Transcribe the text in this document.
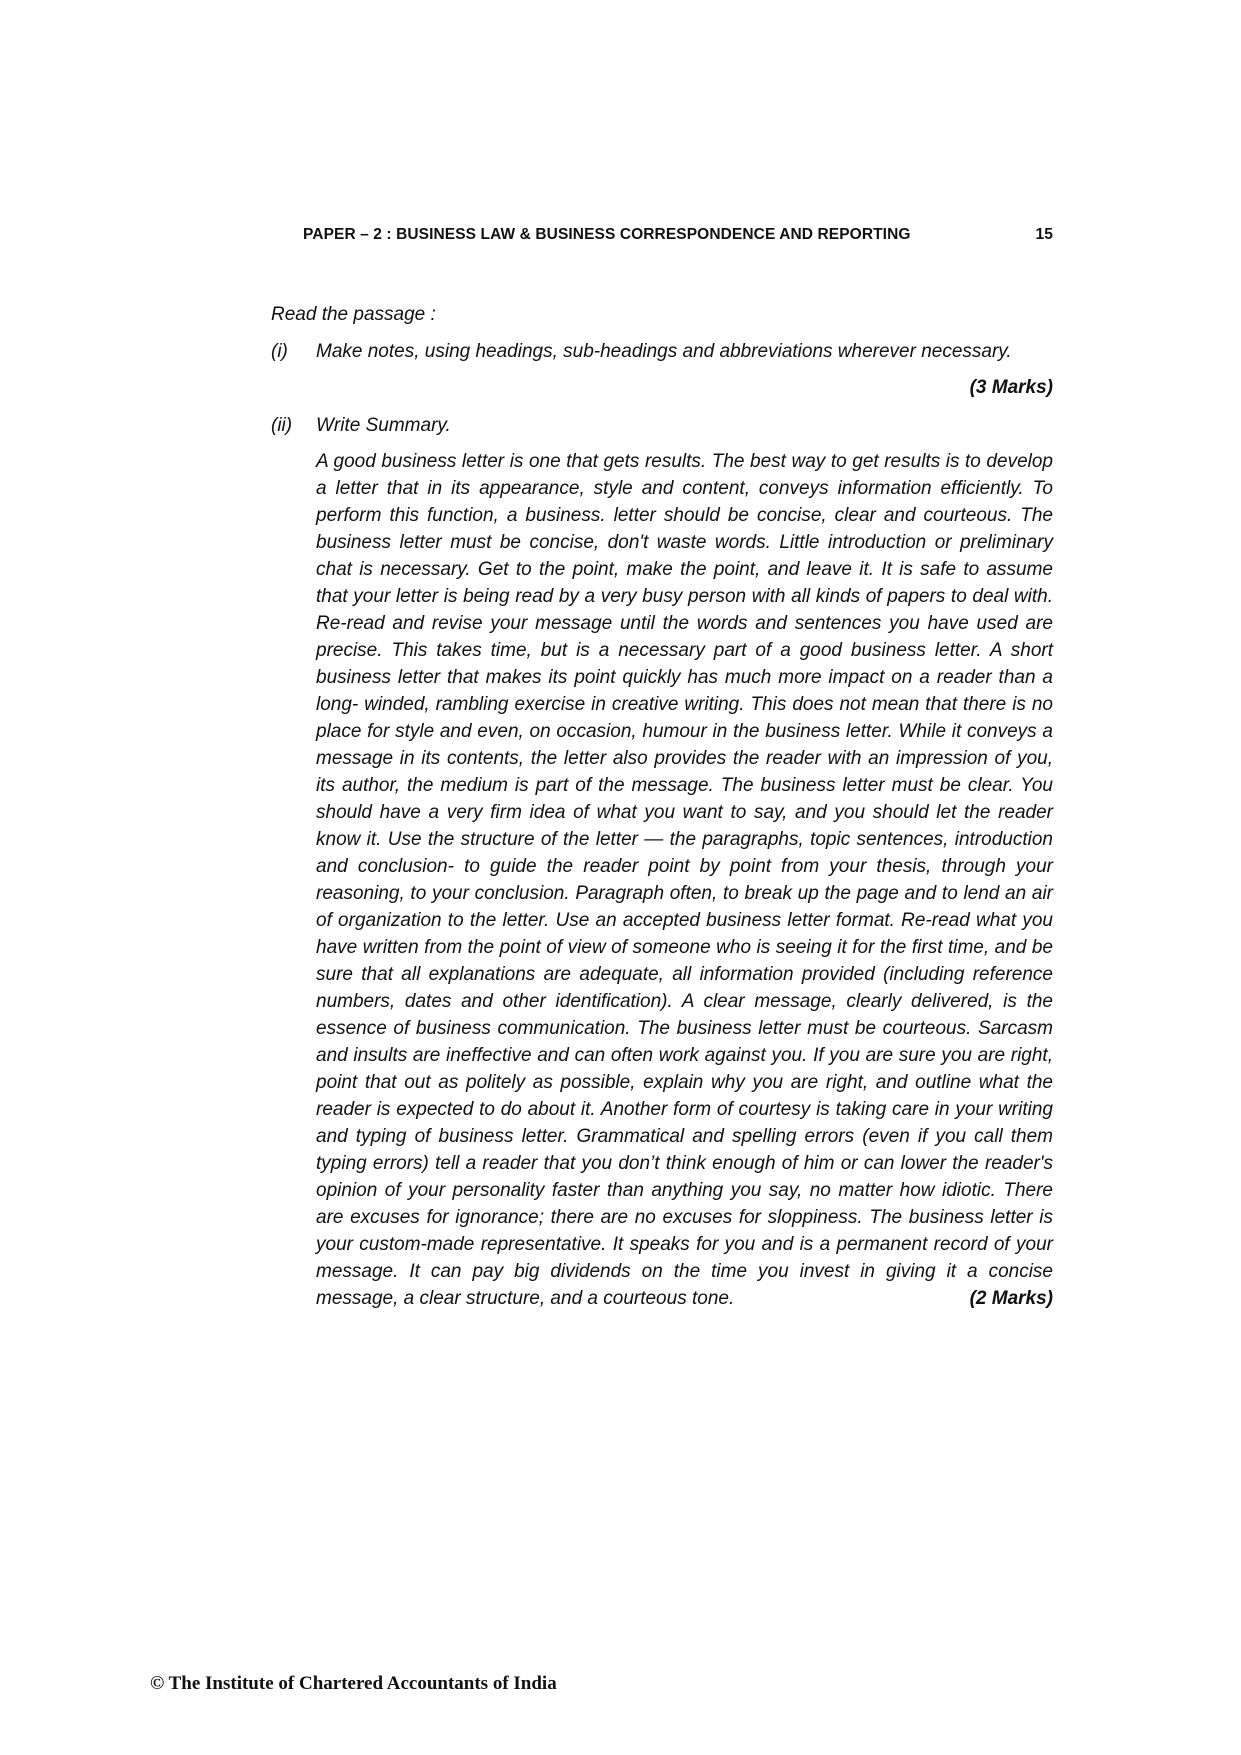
PAPER – 2 : BUSINESS LAW & BUSINESS CORRESPONDENCE AND REPORTING	15

Read the passage :

(i)	Make notes, using headings, sub-headings and abbreviations wherever necessary.
(3 Marks)
(ii)	Write Summary.
A good business letter is one that gets results. The best way to get results is to develop a letter that in its appearance, style and content, conveys information efficiently. To perform this function, a business. letter should be concise, clear and courteous. The business letter must be concise, don't waste words. Little introduction or preliminary chat is necessary. Get to the point, make the point, and leave it. It is safe to assume that your letter is being read by a very busy person with all kinds of papers to deal with. Re-read and revise your message until the words and sentences you have used are precise. This takes time, but is a necessary part of a good business letter. A short business letter that makes its point quickly has much more impact on a reader than a long- winded, rambling exercise in creative writing. This does not mean that there is no place for style and even, on occasion, humour in the business letter. While it conveys a message in its contents, the letter also provides the reader with an impression of you, its author, the medium is part of the message. The business letter must be clear. You should have a very firm idea of what you want to say, and you should let the reader know it. Use the structure of the letter — the paragraphs, topic sentences, introduction and conclusion- to guide the reader point by point from your thesis, through your reasoning, to your conclusion. Paragraph often, to break up the page and to lend an air of organization to the letter. Use an accepted business letter format. Re-read what you have written from the point of view of someone who is seeing it for the first time, and be sure that all explanations are adequate, all information provided (including reference numbers, dates and other identification). A clear message, clearly delivered, is the essence of business communication. The business letter must be courteous. Sarcasm and insults are ineffective and can often work against you. If you are sure you are right, point that out as politely as possible, explain why you are right, and outline what the reader is expected to do about it. Another form of courtesy is taking care in your writing and typing of business letter. Grammatical and spelling errors (even if you call them typing errors) tell a reader that you don’t think enough of him or can lower the reader's opinion of your personality faster than anything you say, no matter how idiotic. There are excuses for ignorance; there are no excuses for sloppiness. The business letter is your custom-made representative. It speaks for you and is a permanent record of your message. It can pay big dividends on the time you invest in giving it a concise message, a clear structure, and a courteous tone.	(2 Marks)
© The Institute of Chartered Accountants of India
